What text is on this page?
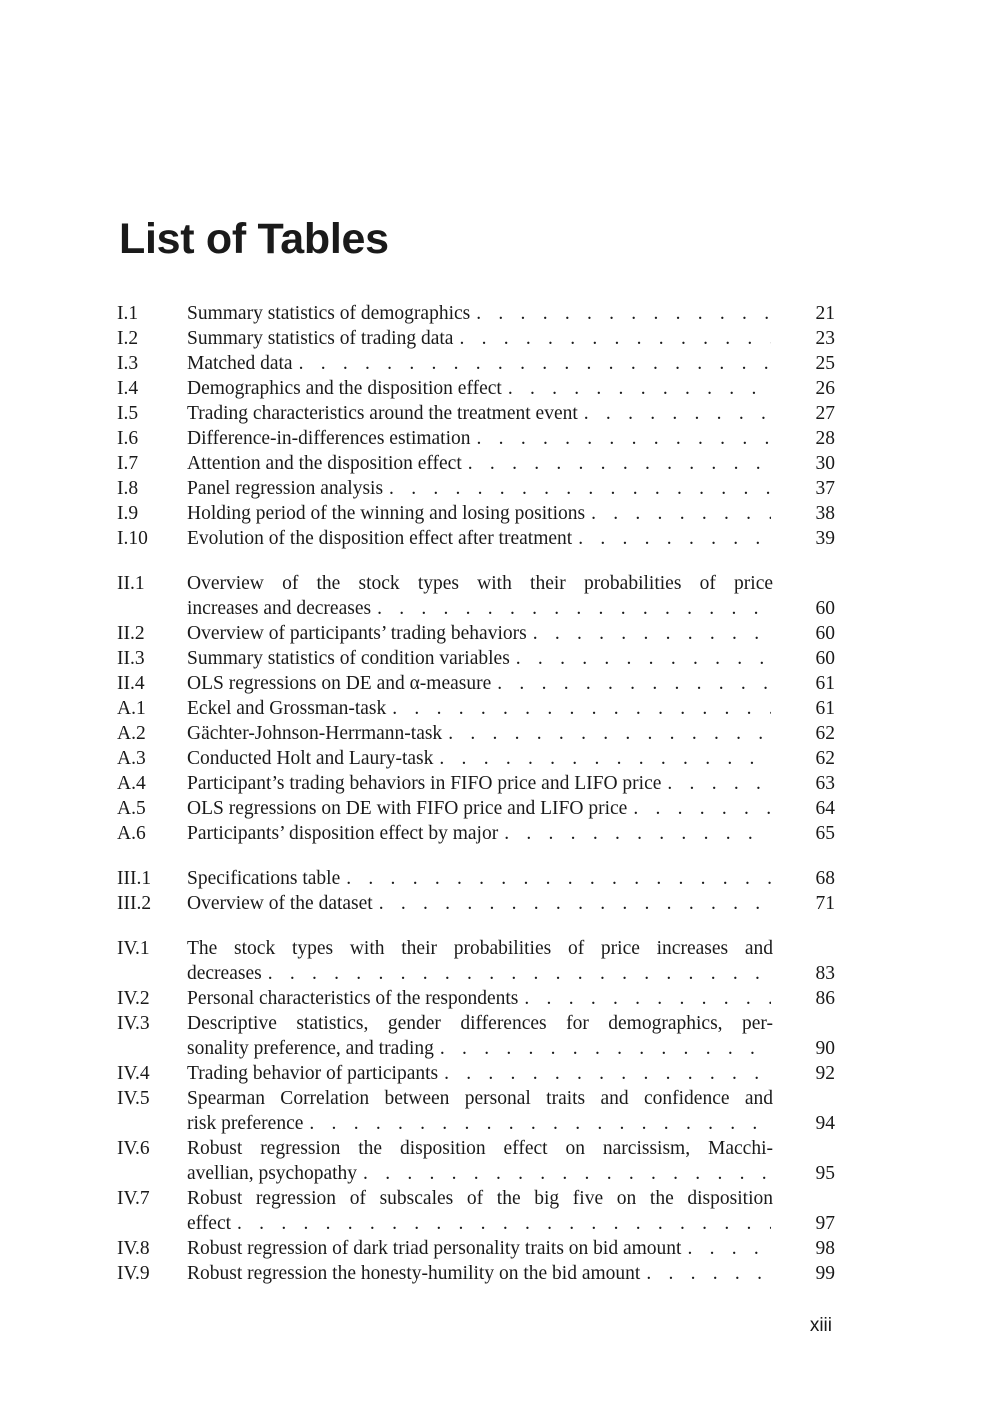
List of Tables
I.1	Summary statistics of demographics . . .	21
I.2	Summary statistics of trading data . . .	23
I.3	Matched data . . .	25
I.4	Demographics and the disposition effect . . .	26
I.5	Trading characteristics around the treatment event . . .	27
I.6	Difference-in-differences estimation . . .	28
I.7	Attention and the disposition effect . . .	30
I.8	Panel regression analysis . . .	37
I.9	Holding period of the winning and losing positions . . .	38
I.10	Evolution of the disposition effect after treatment . . .	39
II.1	Overview of the stock types with their probabilities of price
increases and decreases . . .	60
II.2	Overview of participants’ trading behaviors . . .	60
II.3	Summary statistics of condition variables . . .	60
II.4	OLS regressions on DE and α-measure . . .	61
A.1	Eckel and Grossman-task . . .	61
A.2	Gächter-Johnson-Herrmann-task . . .	62
A.3	Conducted Holt and Laury-task . . .	62
A.4	Participant’s trading behaviors in FIFO price and LIFO price . . .	63
A.5	OLS regressions on DE with FIFO price and LIFO price . . .	64
A.6	Participants’ disposition effect by major . . .	65
III.1	Specifications table . . .	68
III.2	Overview of the dataset . . .	71
IV.1	The stock types with their probabilities of price increases and
decreases . . .	83
IV.2	Personal characteristics of the respondents . . .	86
IV.3	Descriptive statistics, gender differences for demographics, per-
sonality preference, and trading . . .	90
IV.4	Trading behavior of participants . . .	92
IV.5	Spearman Correlation between personal traits and confidence and
risk preference . . .	94
IV.6	Robust regression the disposition effect on narcissism, Macchi-
avellian, psychopathy . . .	95
IV.7	Robust regression of subscales of the big five on the disposition
effect . . .	97
IV.8	Robust regression of dark triad personality traits on bid amount . . .	98
IV.9	Robust regression the honesty-humility on the bid amount . . .	99
xiii
